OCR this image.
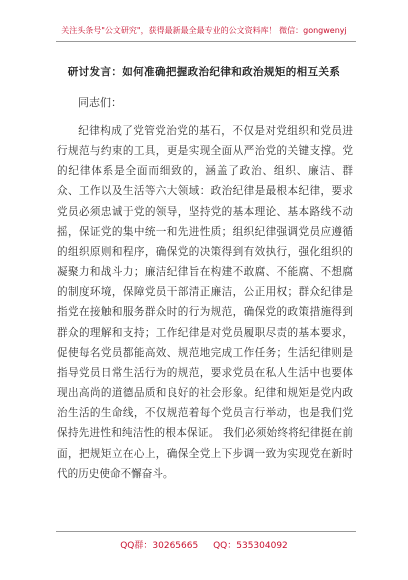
关注头条号"公文研究"，获得最新最全最专业的公文资料库！ 微信：gongwenyj
研讨发言：如何准确把握政治纪律和政治规矩的相互关系
同志们：

纪律构成了党管党治党的基石，不仅是对党组织和党员进行规范与约束的工具，更是实现全面从严治党的关键支撑。党的纪律体系是全面而细致的，涵盖了政治、组织、廉洁、群众、工作以及生活等六大领域：政治纪律是最根本纪律，要求党员必须忠诚于党的领导，坚持党的基本理论、基本路线不动摇，保证党的集中统一和先进性质；组织纪律强调党员应遵循的组织原则和程序，确保党的决策得到有效执行，强化组织的凝聚力和战斗力；廉洁纪律旨在构建不敢腐、不能腐、不想腐的制度环境，保障党员干部清正廉洁，公正用权；群众纪律是指党在接触和服务群众时的行为规范，确保党的政策措施得到群众的理解和支持；工作纪律是对党员履职尽责的基本要求，促使每名党员都能高效、规范地完成工作任务；生活纪律则是指导党员日常生活行为的规范，要求党员在私人生活中也要体现出高尚的道德品质和良好的社会形象。纪律和规矩是党内政治生活的生命线，不仅规范着每个党员言行举动，也是我们党保持先进性和纯洁性的根本保证。 我们必须始终将纪律挺在前面，把规矩立在心上，确保全党上下步调一致为实现党在新时代的历史使命不懈奋斗。

QQ群：30265665 QQ：535304092
